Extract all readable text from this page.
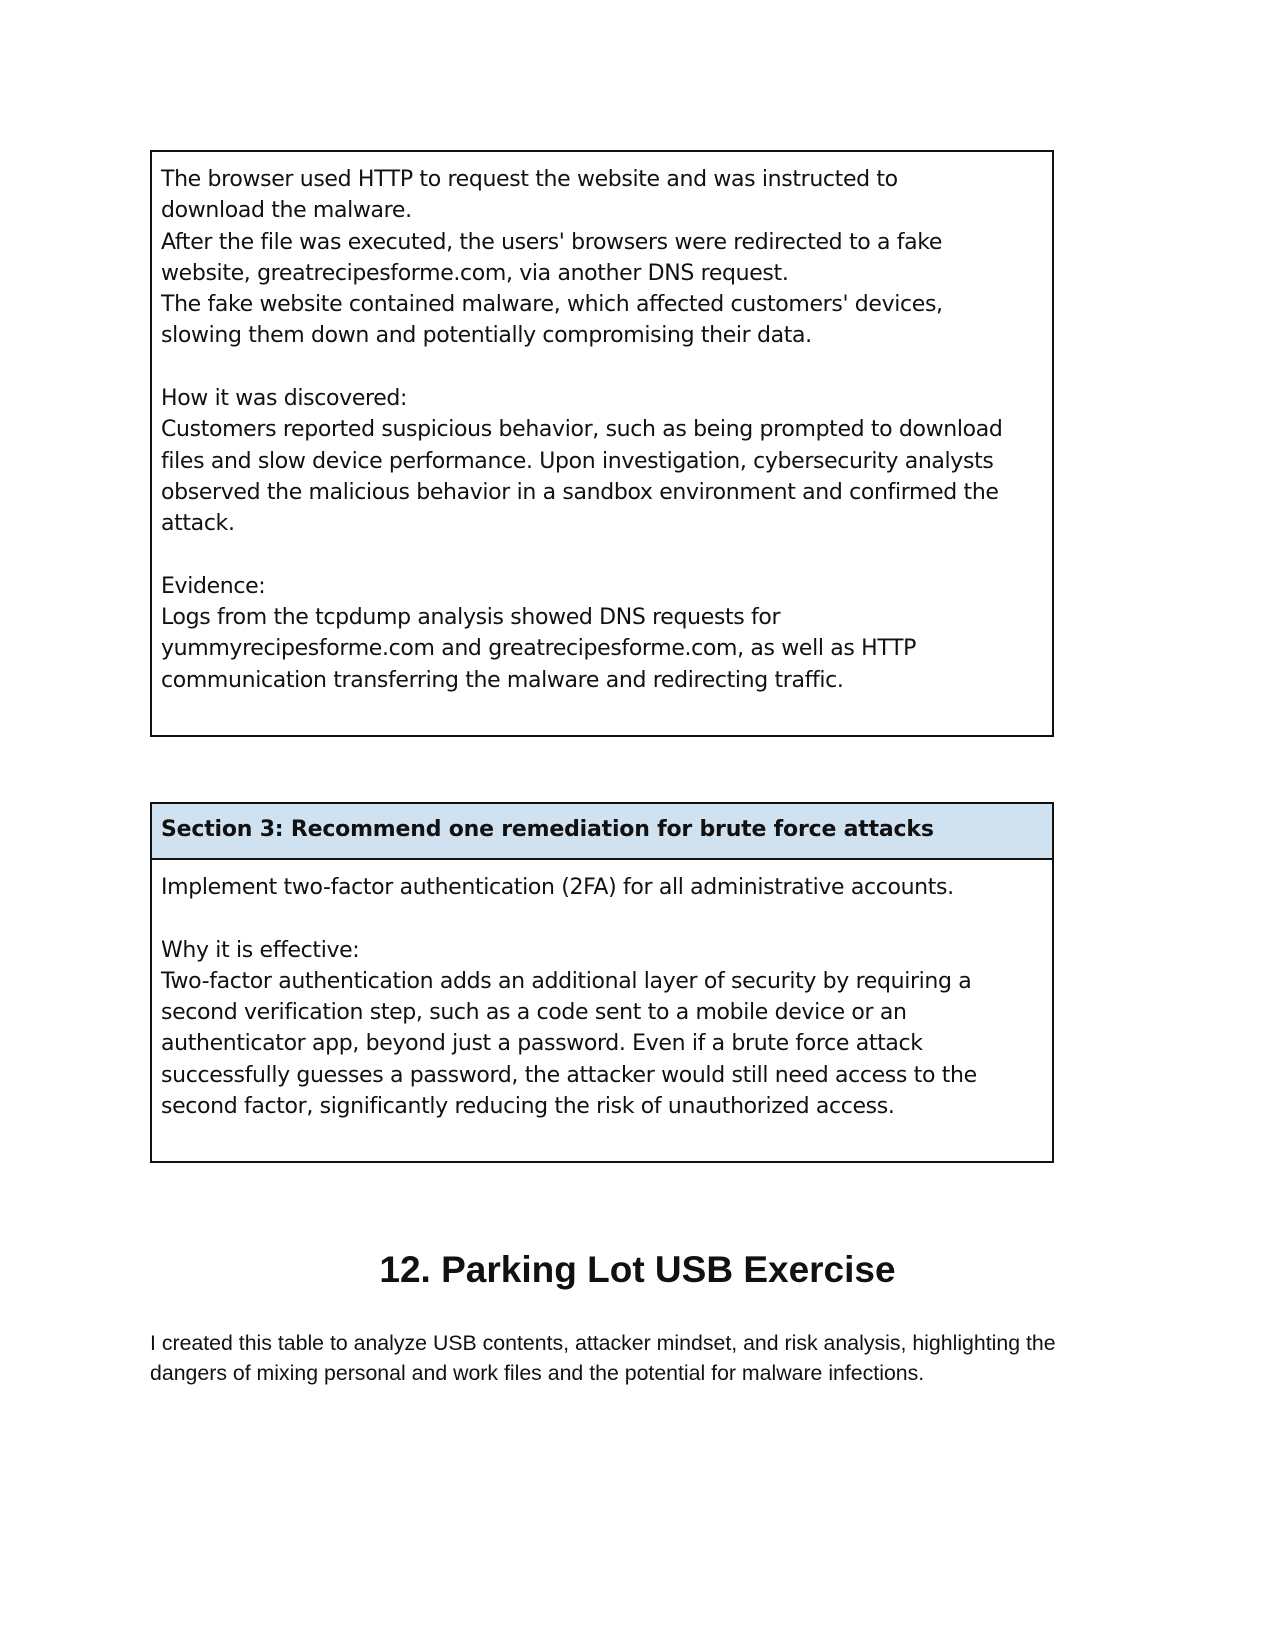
The browser used HTTP to request the website and was instructed to
download the malware.
After the file was executed, the users' browsers were redirected to a fake
website, greatrecipesforme.com, via another DNS request.
The fake website contained malware, which affected customers' devices,
slowing them down and potentially compromising their data.
How it was discovered:
Customers reported suspicious behavior, such as being prompted to download
files and slow device performance. Upon investigation, cybersecurity analysts
observed the malicious behavior in a sandbox environment and confirmed the
attack.
Evidence:
Logs from the tcpdump analysis showed DNS requests for
yummyrecipesforme.com and greatrecipesforme.com, as well as HTTP
communication transferring the malware and redirecting traffic.
Section 3: Recommend one remediation for brute force attacks
Implement two-factor authentication (2FA) for all administrative accounts.
Why it is effective:
Two-factor authentication adds an additional layer of security by requiring a
second verification step, such as a code sent to a mobile device or an
authenticator app, beyond just a password. Even if a brute force attack
successfully guesses a password, the attacker would still need access to the
second factor, significantly reducing the risk of unauthorized access.
12. Parking Lot USB Exercise
I created this table to analyze USB contents, attacker mindset, and risk analysis, highlighting the
dangers of mixing personal and work files and the potential for malware infections.
